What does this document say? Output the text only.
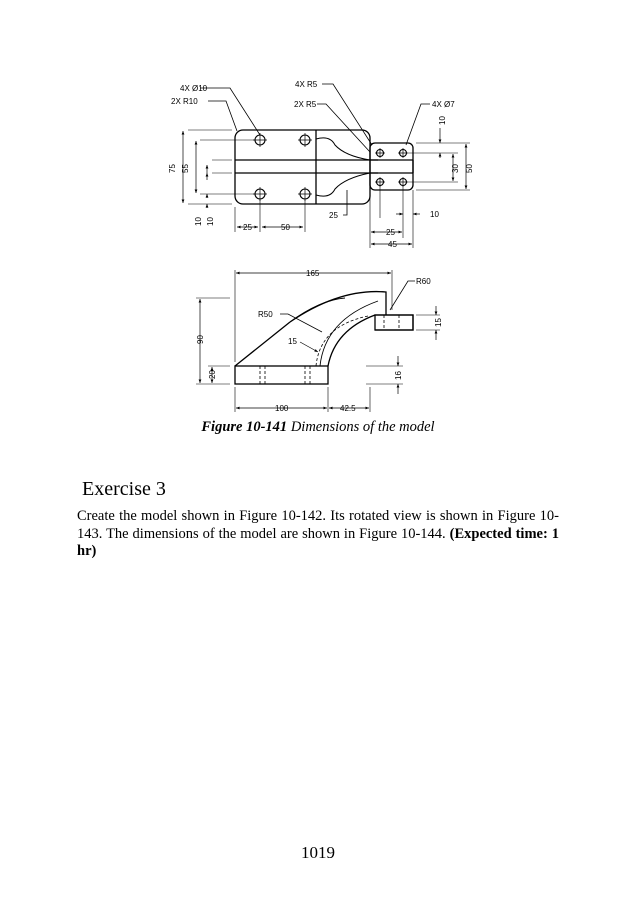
4X Ø10
2X R10
4X R5
2X R5	4X Ø7
75 55
10 10
25	50
25
25
45
10
10
30 50
165
R60
R50
15
15
90
20	16
100	42.5
Figure 10-141 Dimensions of the model
Exercise 3
Create the model shown in Figure 10-142. Its rotated view is shown in Figure 10-143. The dimensions of the model are shown in Figure 10-144. (Expected time: 1 hr)
1019
